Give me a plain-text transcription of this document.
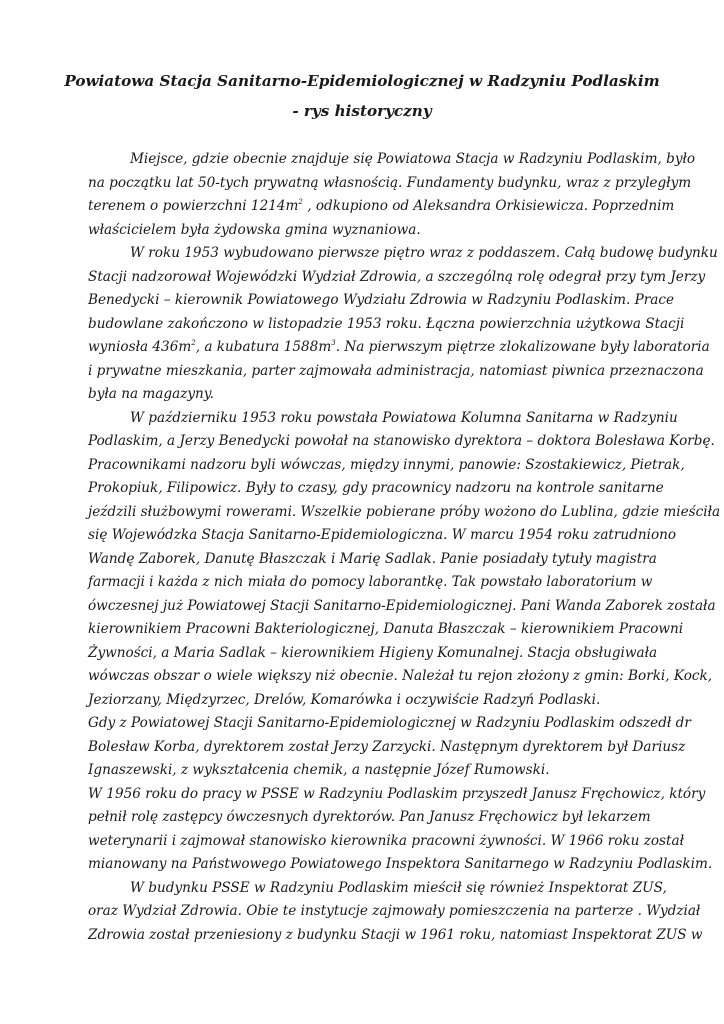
Powiatowa Stacja Sanitarno-Epidemiologicznej w Radzyniu Podlaskim
- rys historyczny
Miejsce, gdzie obecnie znajduje się Powiatowa Stacja w Radzyniu Podlaskim, było
na początku lat 50-tych prywatną własnością. Fundamenty budynku, wraz z przyległym
terenem o powierzchni $1214m^2$ , odkupiono od Aleksandra Orkisiewicza. Poprzednim
właścicielem była żydowska gmina wyznaniowa.
W roku 1953 wybudowano pierwsze piętro wraz z poddaszem. Całą budowę budynku
Stacji nadzorował Wojewódzki Wydział Zdrowia, a szczególną rolę odegrał przy tym Jerzy
Benedycki – kierownik Powiatowego Wydziału Zdrowia w Radzyniu Podlaskim. Prace
budowlane zakończono w listopadzie 1953 roku. Łączna powierzchnia użytkowa Stacji
wyniosła $436m^2$, a kubatura $1588m^3$. Na pierwszym piętrze zlokalizowane były laboratoria
i prywatne mieszkania, parter zajmowała administracja, natomiast piwnica przeznaczona
była na magazyny.
W październiku 1953 roku powstała Powiatowa Kolumna Sanitarna w Radzyniu
Podlaskim, a Jerzy Benedycki powołał na stanowisko dyrektora – doktora Bolesława Korbę.
Pracownikami nadzoru byli wówczas, między innymi, panowie: Szostakiewicz, Pietrak,
Prokopiuk, Filipowicz. Były to czasy, gdy pracownicy nadzoru na kontrole sanitarne
jeździli służbowymi rowerami. Wszelkie pobierane próby wożono do Lublina, gdzie mieściła
się Wojewódzka Stacja Sanitarno-Epidemiologiczna. W marcu 1954 roku zatrudniono
Wandę Zaborek, Danutę Błaszczak i Marię Sadlak. Panie posiadały tytuły magistra
farmacji i każda z nich miała do pomocy laborantkę. Tak powstało laboratorium w
ówczesnej już Powiatowej Stacji Sanitarno-Epidemiologicznej. Pani Wanda Zaborek została
kierownikiem Pracowni Bakteriologicznej, Danuta Błaszczak – kierownikiem Pracowni
Żywności, a Maria Sadlak – kierownikiem Higieny Komunalnej. Stacja obsługiwała
wówczas obszar o wiele większy niż obecnie. Należał tu rejon złożony z gmin: Borki, Kock,
Jeziorzany, Międzyrzec, Drelów, Komarówka i oczywiście Radzyń Podlaski.
Gdy z Powiatowej Stacji Sanitarno-Epidemiologicznej w Radzyniu Podlaskim odszedł dr
Bolesław Korba, dyrektorem został Jerzy Zarzycki. Następnym dyrektorem był Dariusz
Ignaszewski, z wykształcenia chemik, a następnie Józef Rumowski.
W 1956 roku do pracy w PSSE w Radzyniu Podlaskim przyszedł Janusz Fręchowicz, który
pełnił rolę zastępcy ówczesnych dyrektorów. Pan Janusz Fręchowicz był lekarzem
weterynarii i zajmował stanowisko kierownika pracowni żywności. W 1966 roku został
mianowany na Państwowego Powiatowego Inspektora Sanitarnego w Radzyniu Podlaskim.
W budynku PSSE w Radzyniu Podlaskim mieścił się również Inspektorat ZUS,
oraz Wydział Zdrowia. Obie te instytucje zajmowały pomieszczenia na parterze . Wydział
Zdrowia został przeniesiony z budynku Stacji w 1961 roku, natomiast Inspektorat ZUS w
